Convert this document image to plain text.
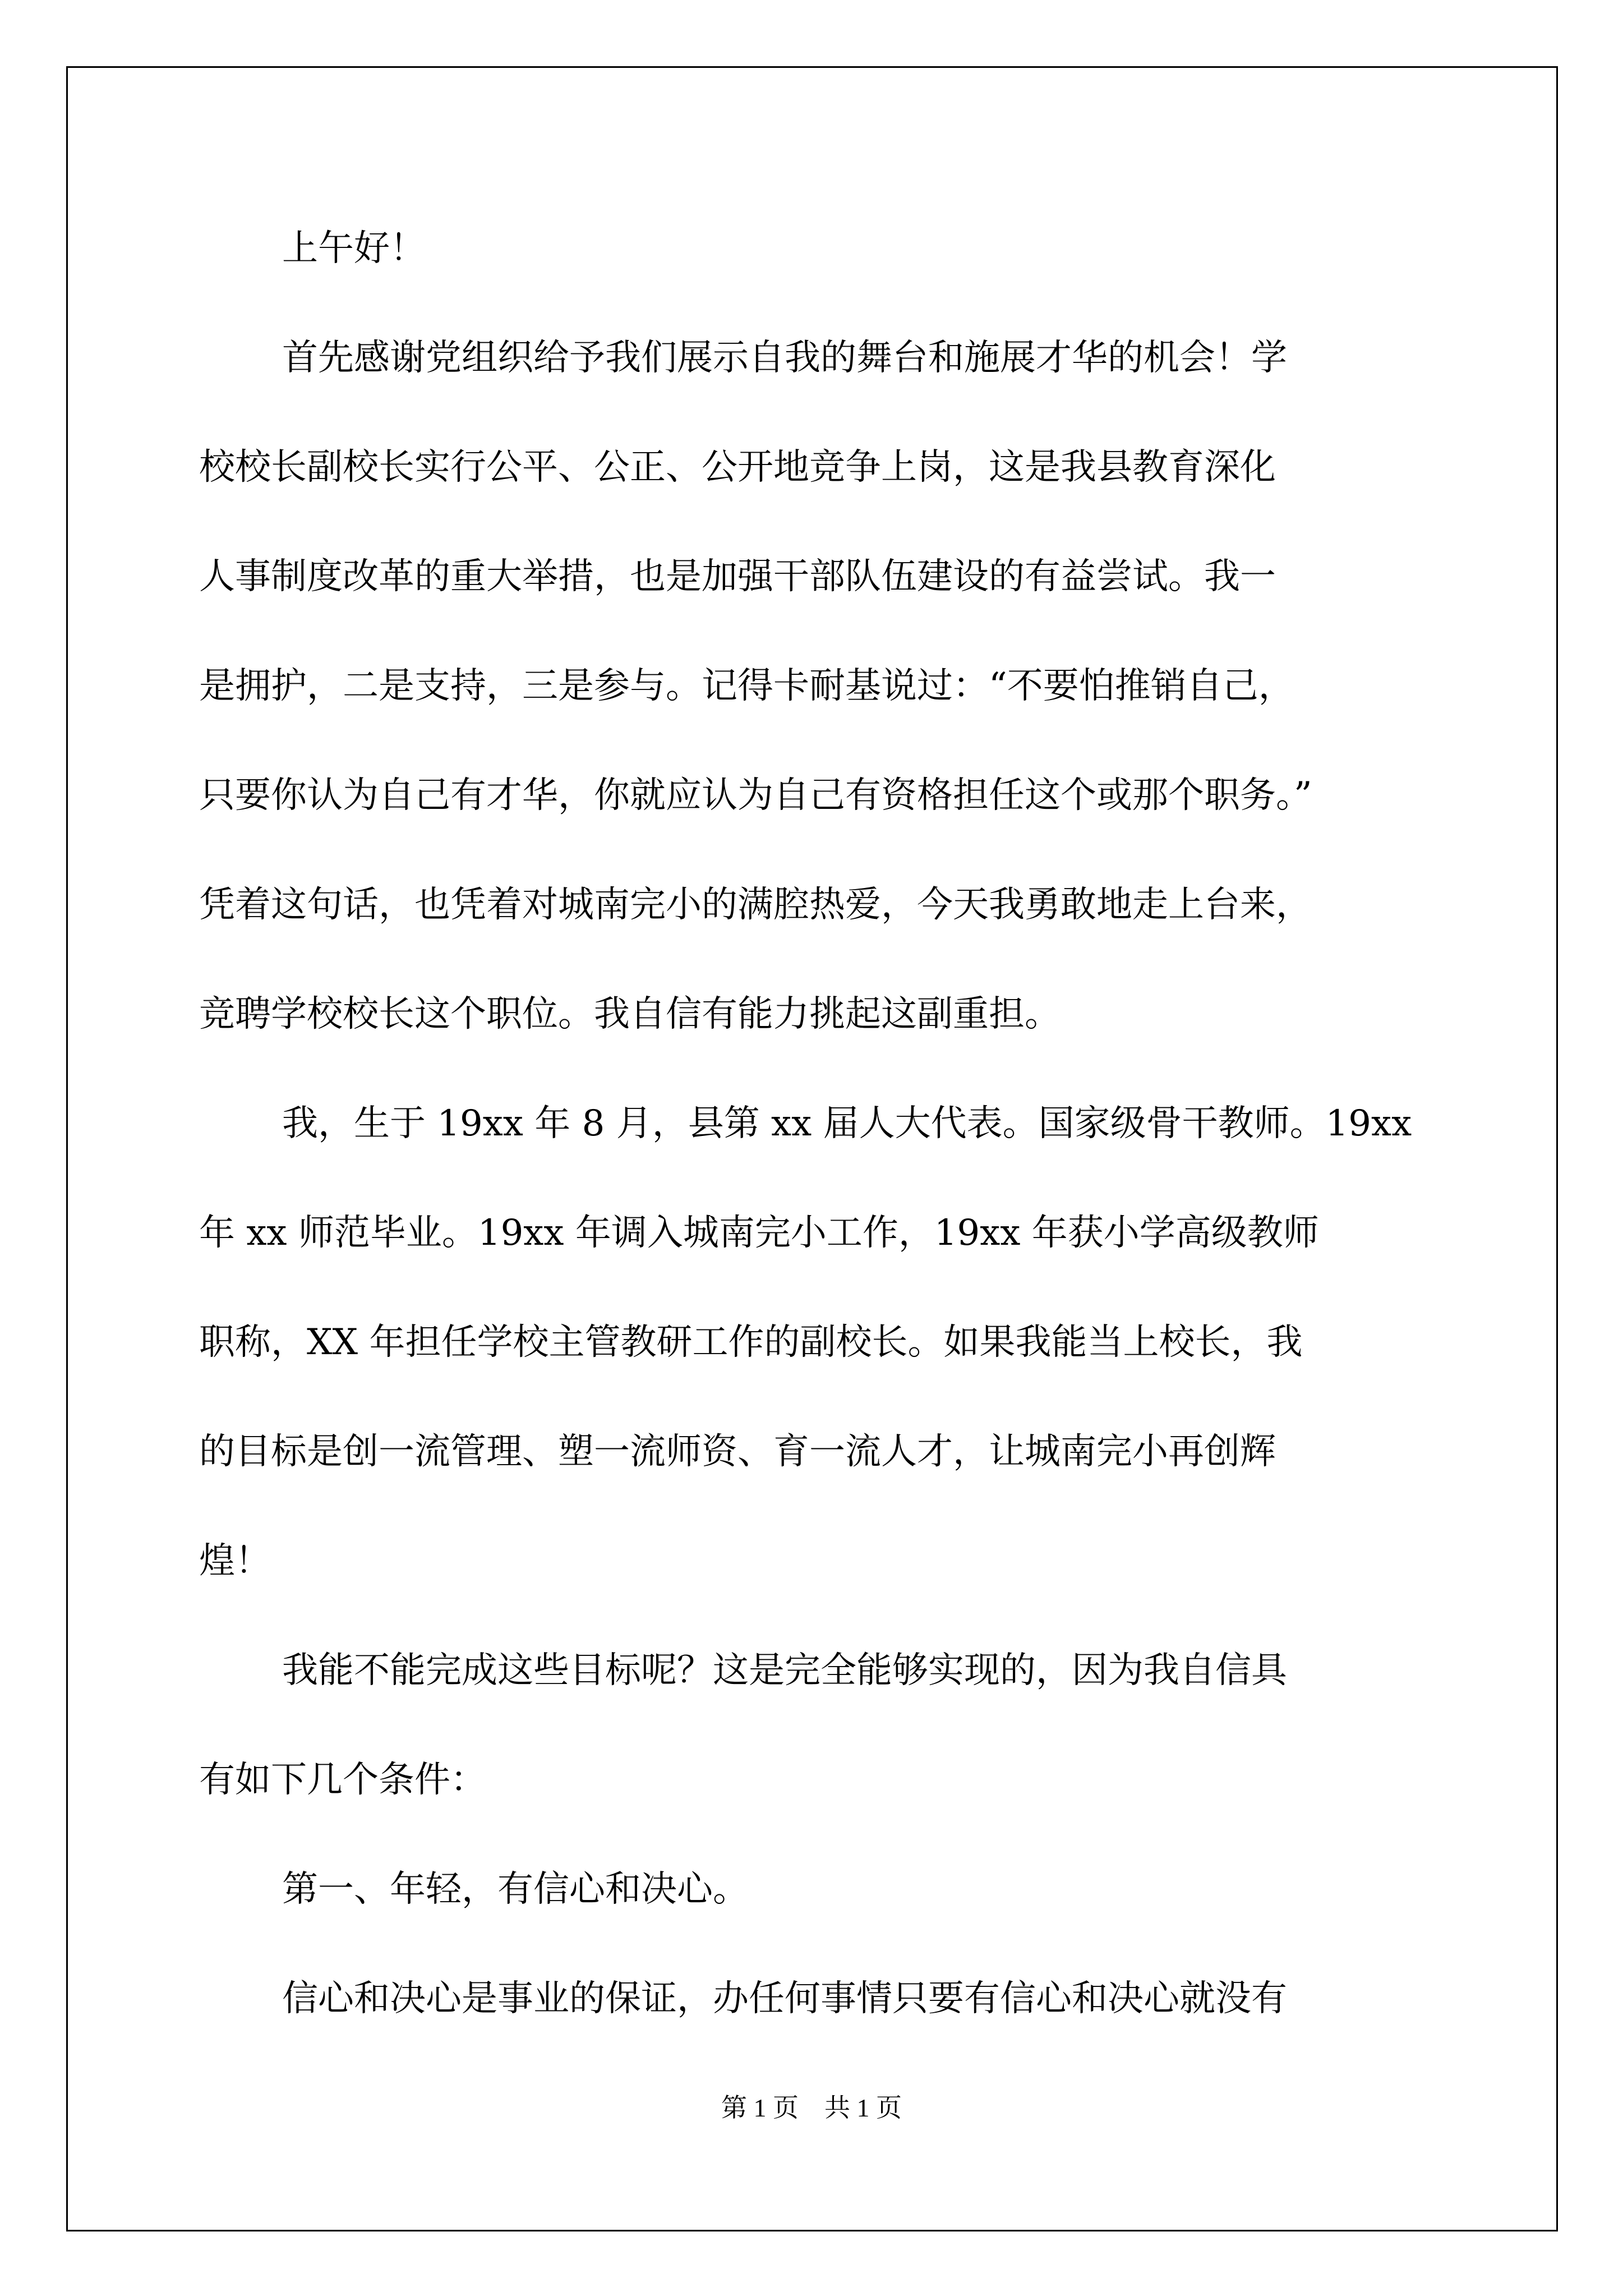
上午好！
首先感谢党组织给予我们展示自我的舞台和施展才华的机会！学
校校长副校长实行公平、公正、公开地竞争上岗，这是我县教育深化
人事制度改革的重大举措，也是加强干部队伍建设的有益尝试。我一
是拥护，二是支持，三是参与。记得卡耐基说过：“不要怕推销自己，
只要你认为自己有才华，你就应认为自己有资格担任这个或那个职务。”
凭着这句话，也凭着对城南完小的满腔热爱，今天我勇敢地走上台来，
竞聘学校校长这个职位。我自信有能力挑起这副重担。
我，生于 19xx 年 8 月，县第 xx 届人大代表。国家级骨干教师。19xx
年 xx 师范毕业。19xx 年调入城南完小工作，19xx 年获小学高级教师
职称，XX 年担任学校主管教研工作的副校长。如果我能当上校长，我
的目标是创一流管理、塑一流师资、育一流人才，让城南完小再创辉
煌！
我能不能完成这些目标呢？这是完全能够实现的，因为我自信具
有如下几个条件：
第一、年轻，有信心和决心。
信心和决心是事业的保证，办任何事情只要有信心和决心就没有
第 1 页　共 1 页
